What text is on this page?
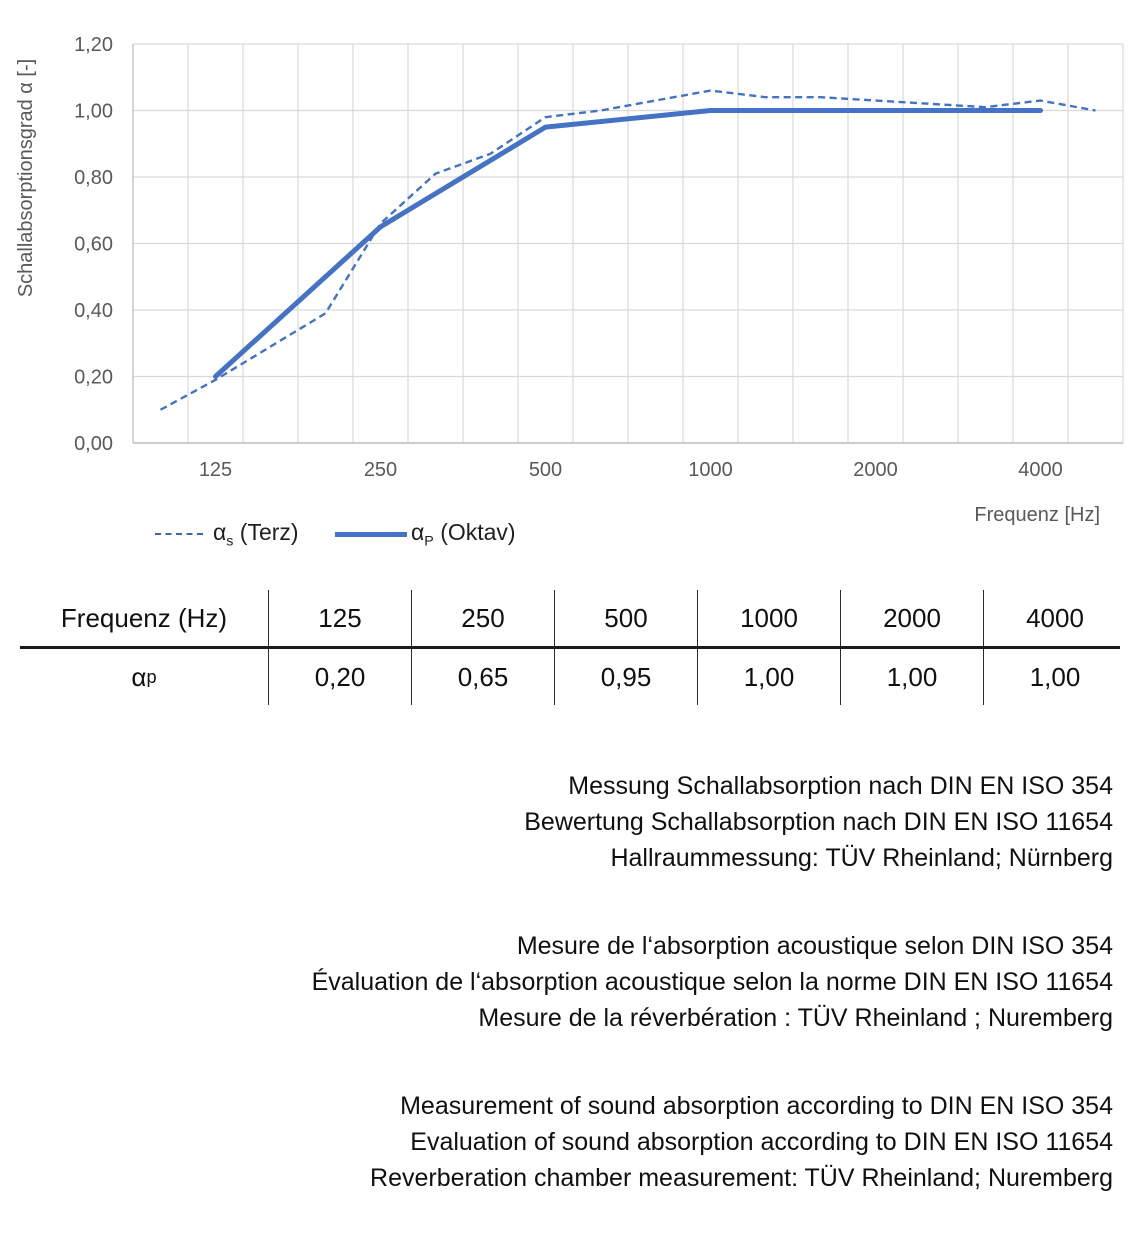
0,00
0,20
0,40
0,60
0,80
1,00
1,20
125	250	500	1000	2000	4000
Schallabsorptionsgrad α [-]
Frequenz [Hz]
$\alpha_s$ (Terz)	$\alpha_P$ (Oktav)
Frequenz (Hz)	125	250	500	1000	2000	4000
α p	0,20	0,65	0,95	1,00	1,00	1,00

Messung Schallabsorption nach DIN EN ISO 354

Bewertung Schallabsorption nach DIN EN ISO 11654

Hallraummessung: TÜV Rheinland; Nürnberg

Mesure de l‘absorption acoustique selon DIN ISO 354

Évaluation de l‘absorption acoustique selon la norme DIN EN ISO 11654

Mesure de la réverbération : TÜV Rheinland ; Nuremberg

Measurement of sound absorption according to DIN EN ISO 354

Evaluation of sound absorption according to DIN EN ISO 11654

Reverberation chamber measurement: TÜV Rheinland; Nuremberg
